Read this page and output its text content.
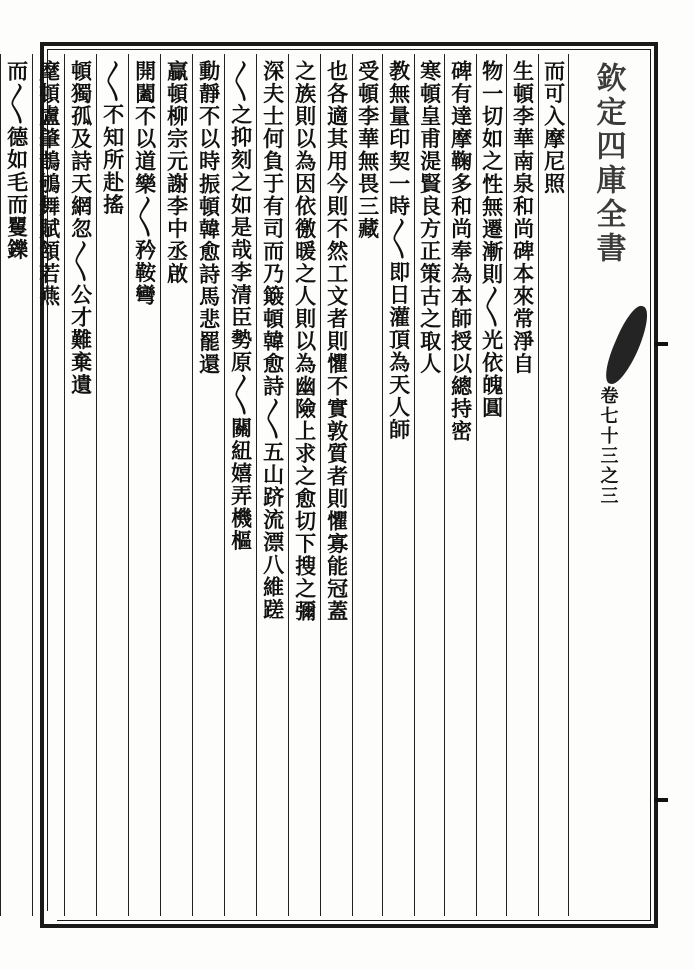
欽定四庫全書
卷七十三之三
而可入摩尼照
生頓李華南泉和尚碑本來常淨自
物一切如之
性無遷漸則〳〵光依魄圓
碑有達摩鞠多和尚奉為本師授以總持密
寒頓皇甫湜賢良方正策古之取人
教無量印契一時〳〵即日灌頂為天人師
受頓李華無畏三藏
也各適其用今則不然工文者則懼不實敦質者則懼寡能冠蓋
之族則以為因依徼暖之人則以為幽險上求之愈切下搜之彌
深夫士何負于有司而乃
簸頓韓愈詩〳〵五山跻流漂八維蹉
〳〵之抑刻之如是哉
李清臣勢原〳〵關紐嬉弄機樞
動靜不以時
振頓韓愈詩馬悲罷還
贏頓柳宗元謝李中丞啟
開闔不以道
樂〳〵矜鞍彎
〳〵不知所赴搖
頓獨孤及詩天網忽
〳〵公才難棄遺
麾頓盧肇鵲鴝舞賦頷若燕
而〳〵德如毛而矍鑠
